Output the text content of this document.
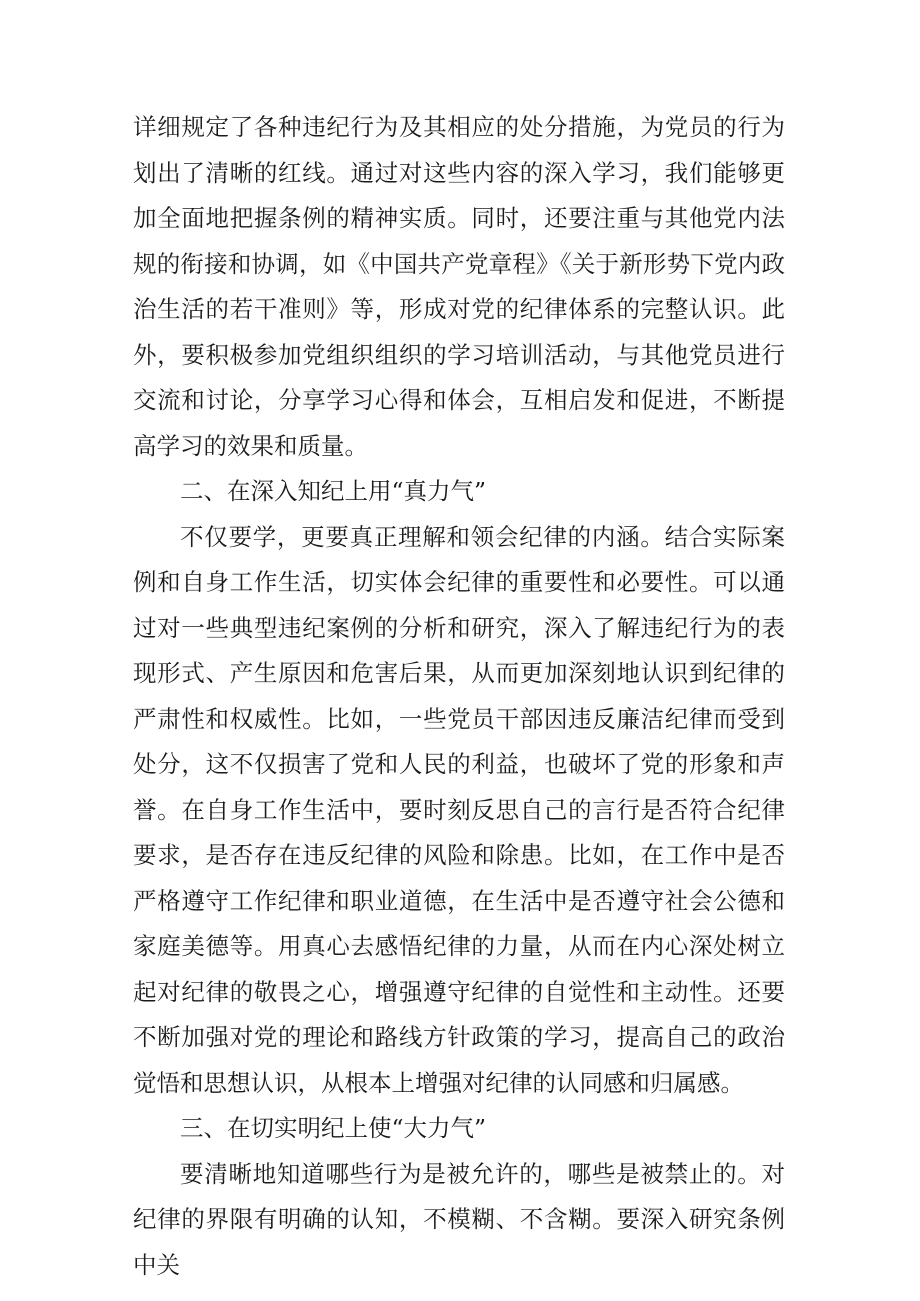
详细规定了各种违纪行为及其相应的处分措施，为党员的行为划出了清晰的红线。通过对这些内容的深入学习，我们能够更加全面地把握条例的精神实质。同时，还要注重与其他党内法规的衔接和协调，如《中国共产党章程》《关于新形势下党内政治生活的若干准则》等，形成对党的纪律体系的完整认识。此外，要积极参加党组织组织的学习培训活动，与其他党员进行交流和讨论，分享学习心得和体会，互相启发和促进，不断提高学习的效果和质量。

二、在深入知纪上用“真力气”

不仅要学，更要真正理解和领会纪律的内涵。结合实际案例和自身工作生活，切实体会纪律的重要性和必要性。可以通过对一些典型违纪案例的分析和研究，深入了解违纪行为的表现形式、产生原因和危害后果，从而更加深刻地认识到纪律的严肃性和权威性。比如，一些党员干部因违反廉洁纪律而受到处分，这不仅损害了党和人民的利益，也破坏了党的形象和声誉。在自身工作生活中，要时刻反思自己的言行是否符合纪律要求，是否存在违反纪律的风险和除患。比如，在工作中是否严格遵守工作纪律和职业道德，在生活中是否遵守社会公德和家庭美德等。用真心去感悟纪律的力量，从而在内心深处树立起对纪律的敬畏之心，增强遵守纪律的自觉性和主动性。还要不断加强对党的理论和路线方针政策的学习，提高自己的政治觉悟和思想认识，从根本上增强对纪律的认同感和归属感。

三、在切实明纪上使“大力气”

要清晰地知道哪些行为是被允许的，哪些是被禁止的。对纪律的界限有明确的认知，不模糊、不含糊。要深入研究条例中关
